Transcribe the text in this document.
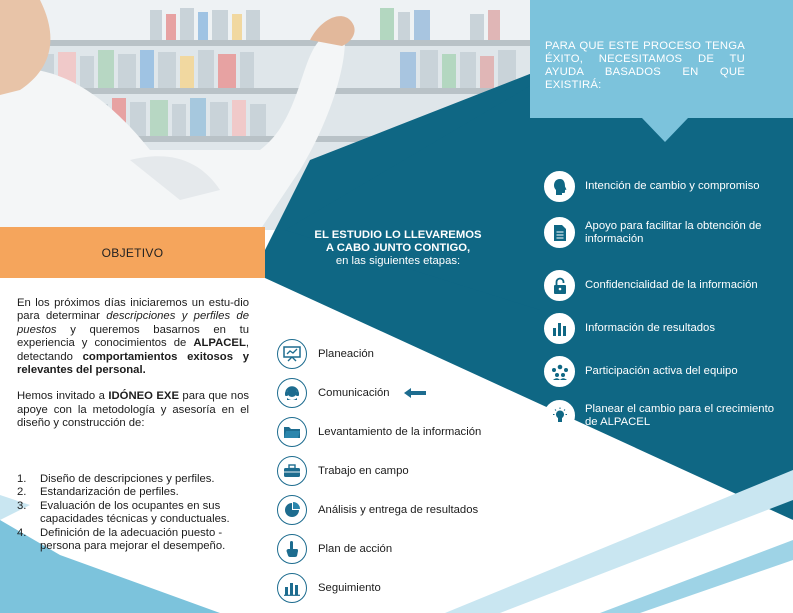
PARA QUE ESTE PROCESO TENGA ÉXITO, NECESITAMOS DE TU AYUDA BASADOS EN QUE EXISTIRÁ:
OBJETIVO

En los próximos días iniciaremos un estu-dio para determinar descripciones y perfiles de puestos y queremos basarnos en tu experiencia y conocimientos de ALPACEL, detectando comportamientos exitosos y relevantes del personal.

Hemos invitado a IDÓNEO EXE para que nos apoye con la metodología y asesoría en el diseño y construcción de:

1.	Diseño de descripciones y perfiles.
2.	Estandarización de perfiles.
3.	Evaluación de los ocupantes en sus capacidades técnicas y conductuales.
4.	Definición de la adecuación puesto -persona para mejorar el desempeño.
EL ESTUDIO LO LLEVAREMOS
A CABO JUNTO CONTIGO,
en las siguientes etapas:
Planeación
Comunicación
Levantamiento de la información
Trabajo en campo
Análisis y entrega de resultados
Plan de acción
Seguimiento
Intención de cambio y compromiso
Apoyo para facilitar la obtención de información
Confidencialidad de la información
Información de resultados
Participación activa del equipo
Planear el cambio para el crecimiento de ALPACEL
